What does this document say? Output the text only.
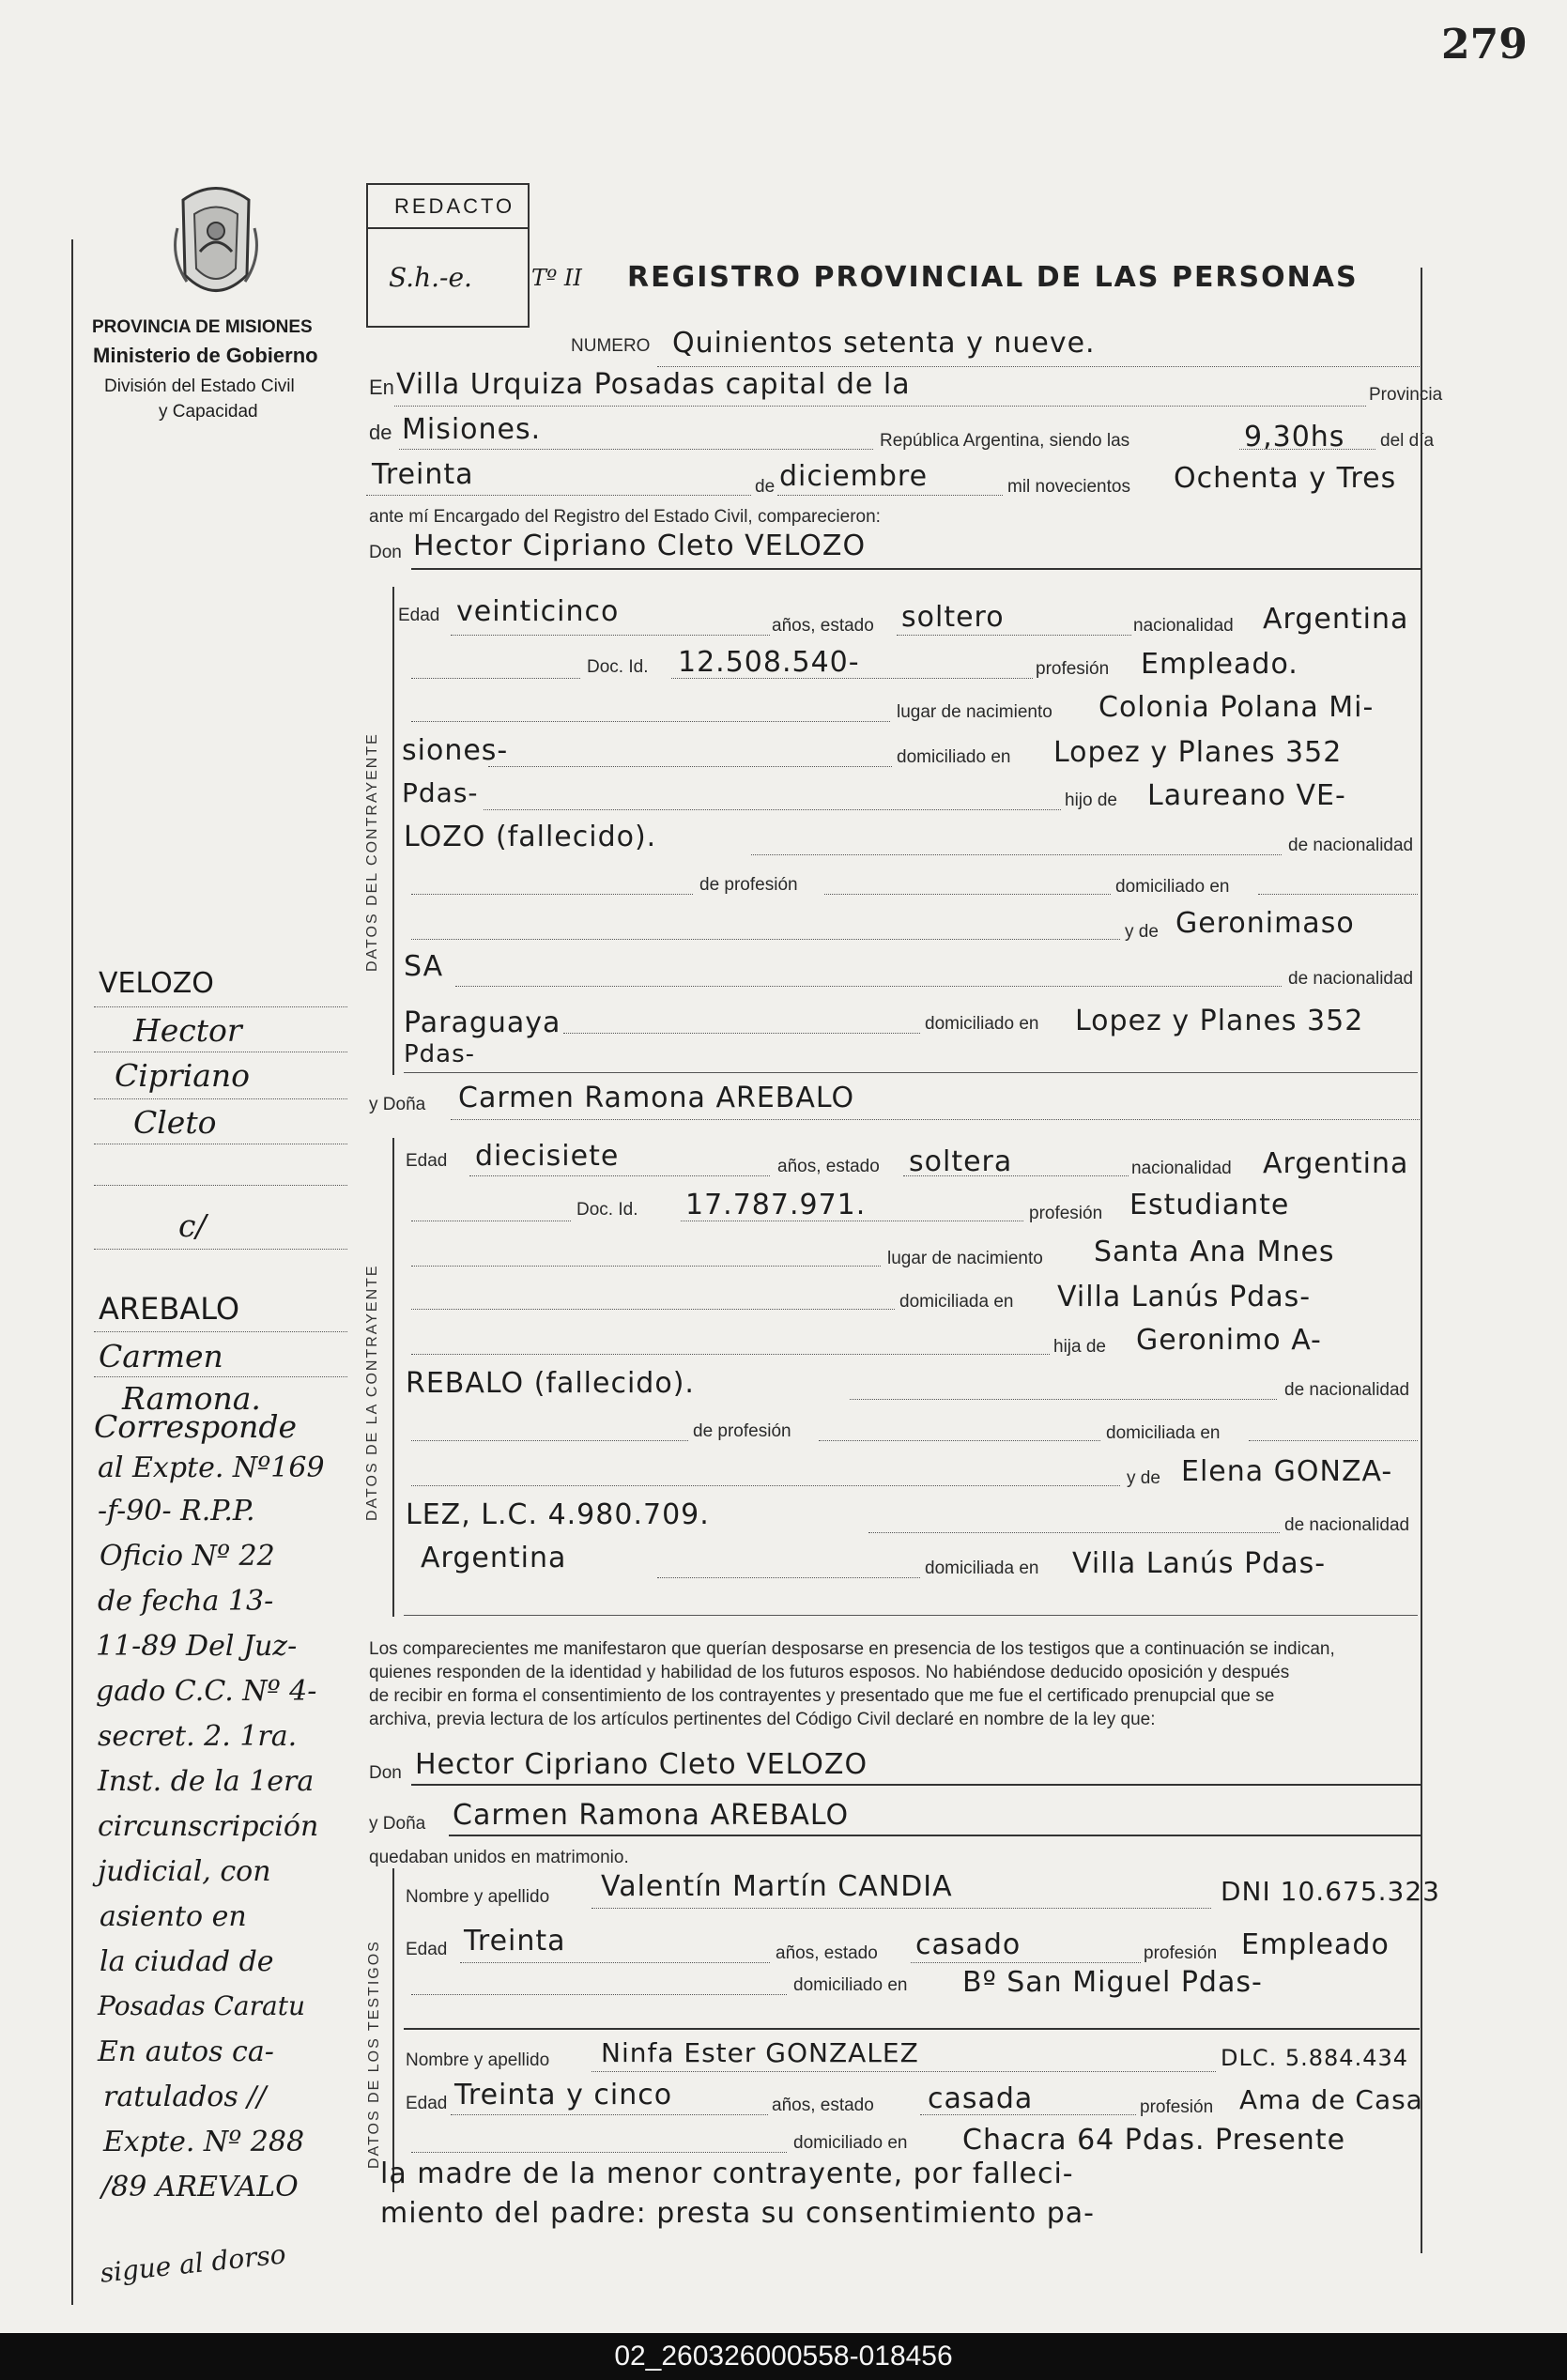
279
PROVINCIA DE MISIONES
Ministerio de Gobierno
División del Estado Civil
y Capacidad
REDACTO
S.h.-e.	Tº II REGISTRO PROVINCIAL DE LAS PERSONAS
NUMERO Quinientos setenta y nueve.
En Villa Urquiza Posadas capital de la	Provincia
de Misiones.	República Argentina, siendo las	9,30hs del día
Treinta	de diciembre	mil novecientos Ochenta y Tres
ante mí Encargado del Registro del Estado Civil, comparecieron:
Don Hector Cipriano Cleto VELOZO
DATOS DEL CONTRAYENTE
Edad veinticinco	años, estado soltero	nacionalidad Argentina
Doc. Id. 12.508.540-	profesión Empleado.
lugar de nacimiento Colonia Polana Mi-
siones-	domiciliado en Lopez y Planes 352
Pdas-	hijo de Laureano VE-
LOZO (fallecido).	de nacionalidad
de profesión	domiciliado en
y de Geronimaso
SA	de nacionalidad
Paraguaya	domiciliado en Lopez y Planes 352
Pdas-
y Doña Carmen Ramona AREBALO
DATOS DE LA CONTRAYENTE
Edad diecisiete	años, estado soltera	nacionalidad Argentina
Doc. Id. 17.787.971.	profesión Estudiante
lugar de nacimiento Santa Ana Mnes
domiciliada en Villa Lanús Pdas-
hija de Geronimo A-
REBALO (fallecido).	de nacionalidad
de profesión	domiciliada en
y de Elena GONZA-
LEZ, L.C. 4.980.709.	de nacionalidad
Argentina	domiciliada en Villa Lanús Pdas-
Los comparecientes me manifestaron que querían desposarse en presencia de los testigos que a continuación se indican,
quienes responden de la identidad y habilidad de los futuros esposos. No habiéndose deducido oposición y después
de recibir en forma el consentimiento de los contrayentes y presentado que me fue el certificado prenupcial que se
archiva, previa lectura de los artículos pertinentes del Código Civil declaré en nombre de la ley que:
Don Hector Cipriano Cleto VELOZO
y Doña Carmen Ramona AREBALO
quedaban unidos en matrimonio.
DATOS DE LOS TESTIGOS
Nombre y apellido Valentín Martín CANDIA	DNI 10.675.323
Edad Treinta	años, estado casado	profesión Empleado
domiciliado en Bº San Miguel Pdas-
Nombre y apellido Ninfa Ester GONZALEZ	DLC. 5.884.434
Edad Treinta y cinco	años, estado casada	profesión Ama de Casa
domiciliado en Chacra 64 Pdas. Presente
la madre de la menor contrayente, por falleci-
miento del padre: presta su consentimiento pa-
VELOZO
Hector
Cipriano
Cleto
c/
AREBALO
Carmen
Ramona.
Corresponde
al Expte. Nº169
-f-90- R.P.P.
Oficio Nº 22
de fecha 13-
11-89 Del Juz-
gado C.C. Nº 4-
secret. 2. 1ra.
Inst. de la 1era
circunscripción
judicial, con
asiento en
la ciudad de
Posadas Caratu
En autos ca-
ratulados //
Expte. Nº 288
/89 AREVALO
sigue al dorso
02_260326000558-018456
